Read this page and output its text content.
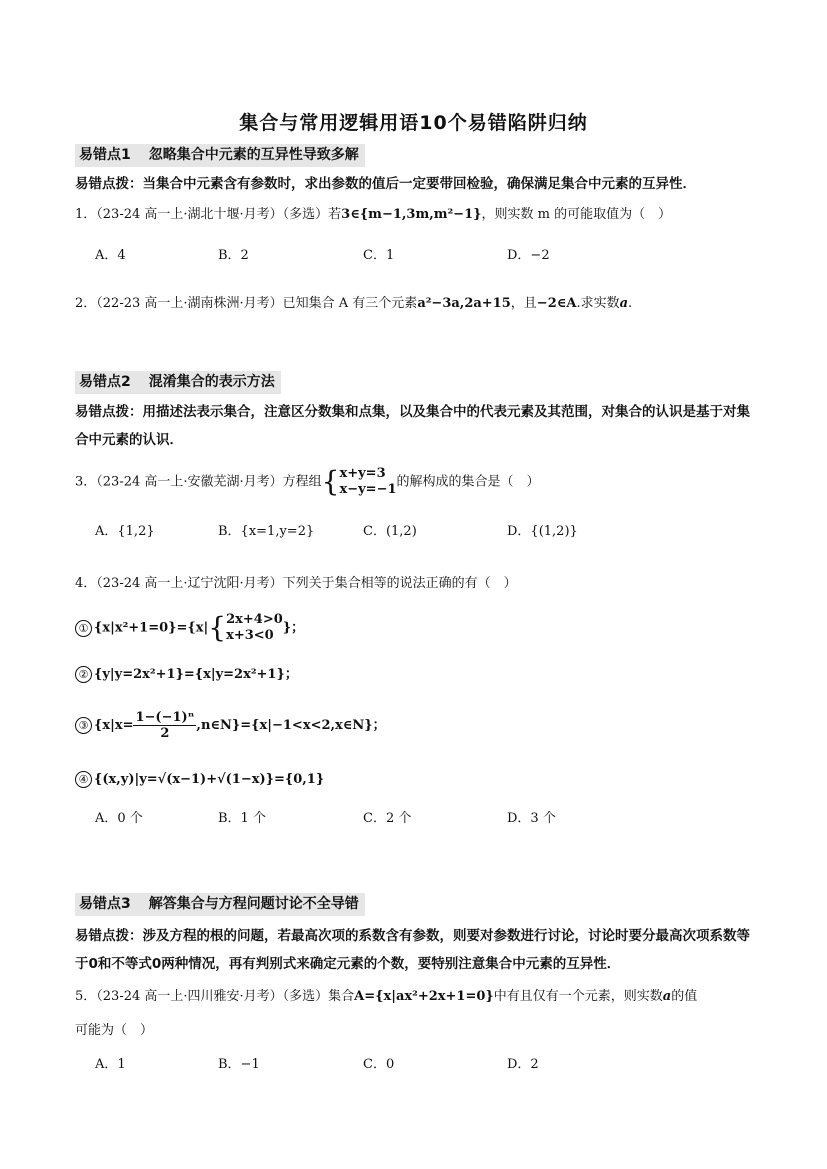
集合与常用逻辑用语10个易错陷阱归纳
易错点1 忽略集合中元素的互异性导致多解
易错点拨：当集合中元素含有参数时，求出参数的值后一定要带回检验，确保满足集合中元素的互异性．
1．（23-24 高一上·湖北十堰·月考）（多选）若3∈{m−1,3m,m²−1}，则实数 m 的可能取值为（　）
A．4	B．2	C．1	D．−2
2．（22-23 高一上·湖南株洲·月考）已知集合 A 有三个元素a²−3a,2a+15，且−2∈A.求实数a.
易错点2 混淆集合的表示方法
易错点拨：用描述法表示集合，注意区分数集和点集，以及集合中的代表元素及其范围，对集合的认识是基于对集合中元素的认识．
3．（23-24 高一上·安徽芜湖·月考）方程组{x+y=3
x−y=−1的解构成的集合是（　）
A．{1,2}	B．{x=1,y=2}	C．(1,2)	D．{(1,2)}
4．（23-24 高一上·辽宁沈阳·月考）下列关于集合相等的说法正确的有（　）
① {x|x²+1=0}={x|{2x+4>0
x+3<0 }；
② {y|y=2x²+1}={x|y=2x²+1}；
③ {$x|x= \frac{\text{1−(−1)ⁿ}}{2}$ ,n∈N}={x|−1<x<2,x∈N}；
④ {(x,y)|y=√(x−1)+√(1−x)}={0,1}
A．0 个	B．1 个	C．2 个	D．3 个
易错点3 解答集合与方程问题讨论不全导错
易错点拨：涉及方程的根的问题，若最高次项的系数含有参数，则要对参数进行讨论，讨论时要分最高次项系数等于0和不等式0两种情况，再有判别式来确定元素的个数，要特别注意集合中元素的互异性．
5．（23-24 高一上·四川雅安·月考）（多选）集合A={x|ax²+2x+1=0}中有且仅有一个元素，则实数a的值
可能为（　）
A．1	B．−1	C．0	D．2
